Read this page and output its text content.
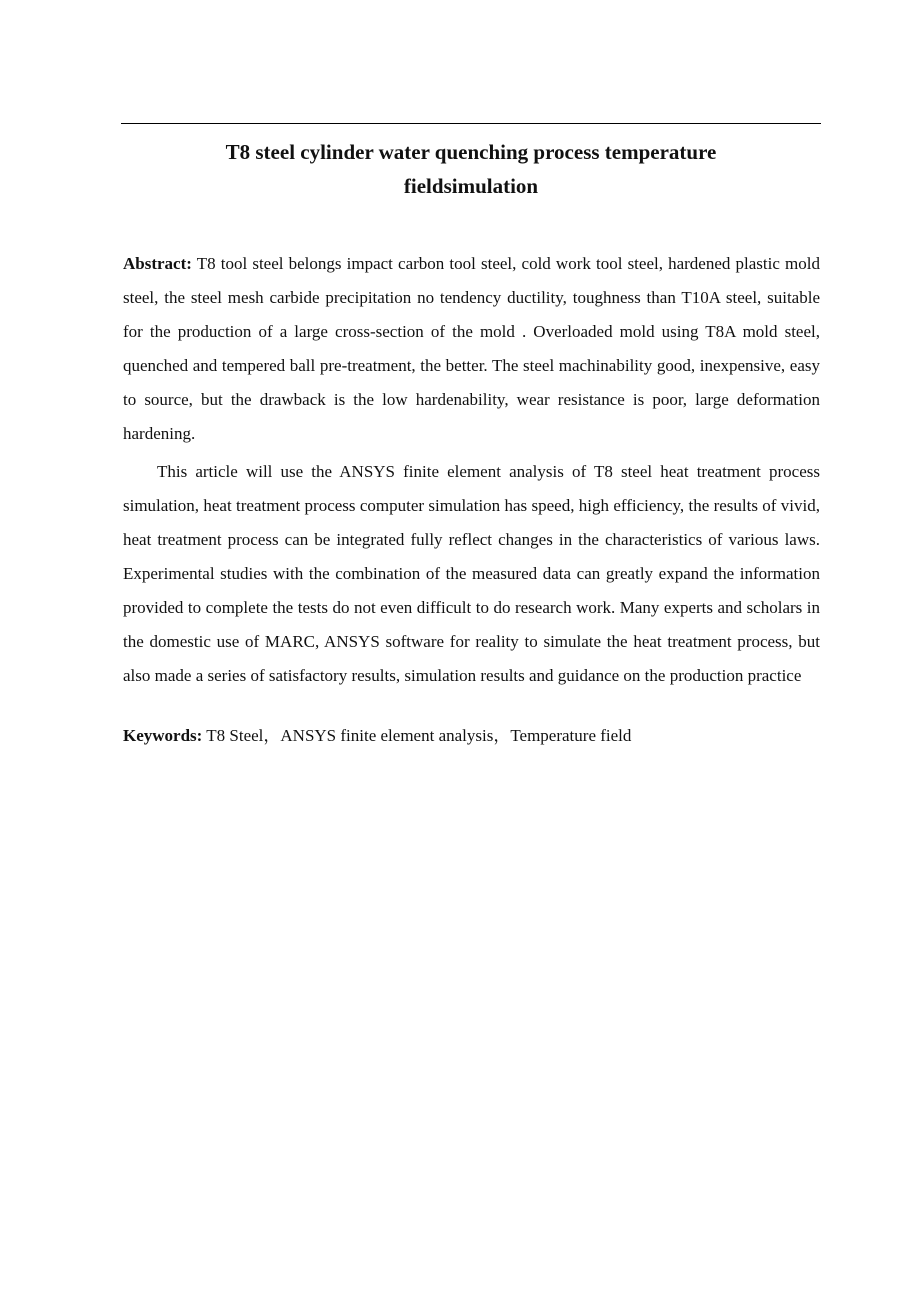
T8 steel cylinder water quenching process temperature
fieldsimulation

Abstract: T8 tool steel belongs impact carbon tool steel, cold work tool steel, hardened plastic mold steel, the steel mesh carbide precipitation no tendency ductility, toughness than T10A steel, suitable for the production of a large cross-section of the mold . Overloaded mold using T8A mold steel, quenched and tempered ball pre-treatment, the better. The steel machinability good, inexpensive, easy to source, but the drawback is the low hardenability, wear resistance is poor, large deformation hardening.

This article will use the ANSYS finite element analysis of T8 steel heat treatment process simulation, heat treatment process computer simulation has speed, high efficiency, the results of vivid, heat treatment process can be integrated fully reflect changes in the characteristics of various laws. Experimental studies with the combination of the measured data can greatly expand the information provided to complete the tests do not even difficult to do research work. Many experts and scholars in the domestic use of MARC, ANSYS software for reality to simulate the heat treatment process, but also made a series of satisfactory results, simulation results and guidance on the production practice

Keywords: T8 Steel，ANSYS finite element analysis，Temperature field
